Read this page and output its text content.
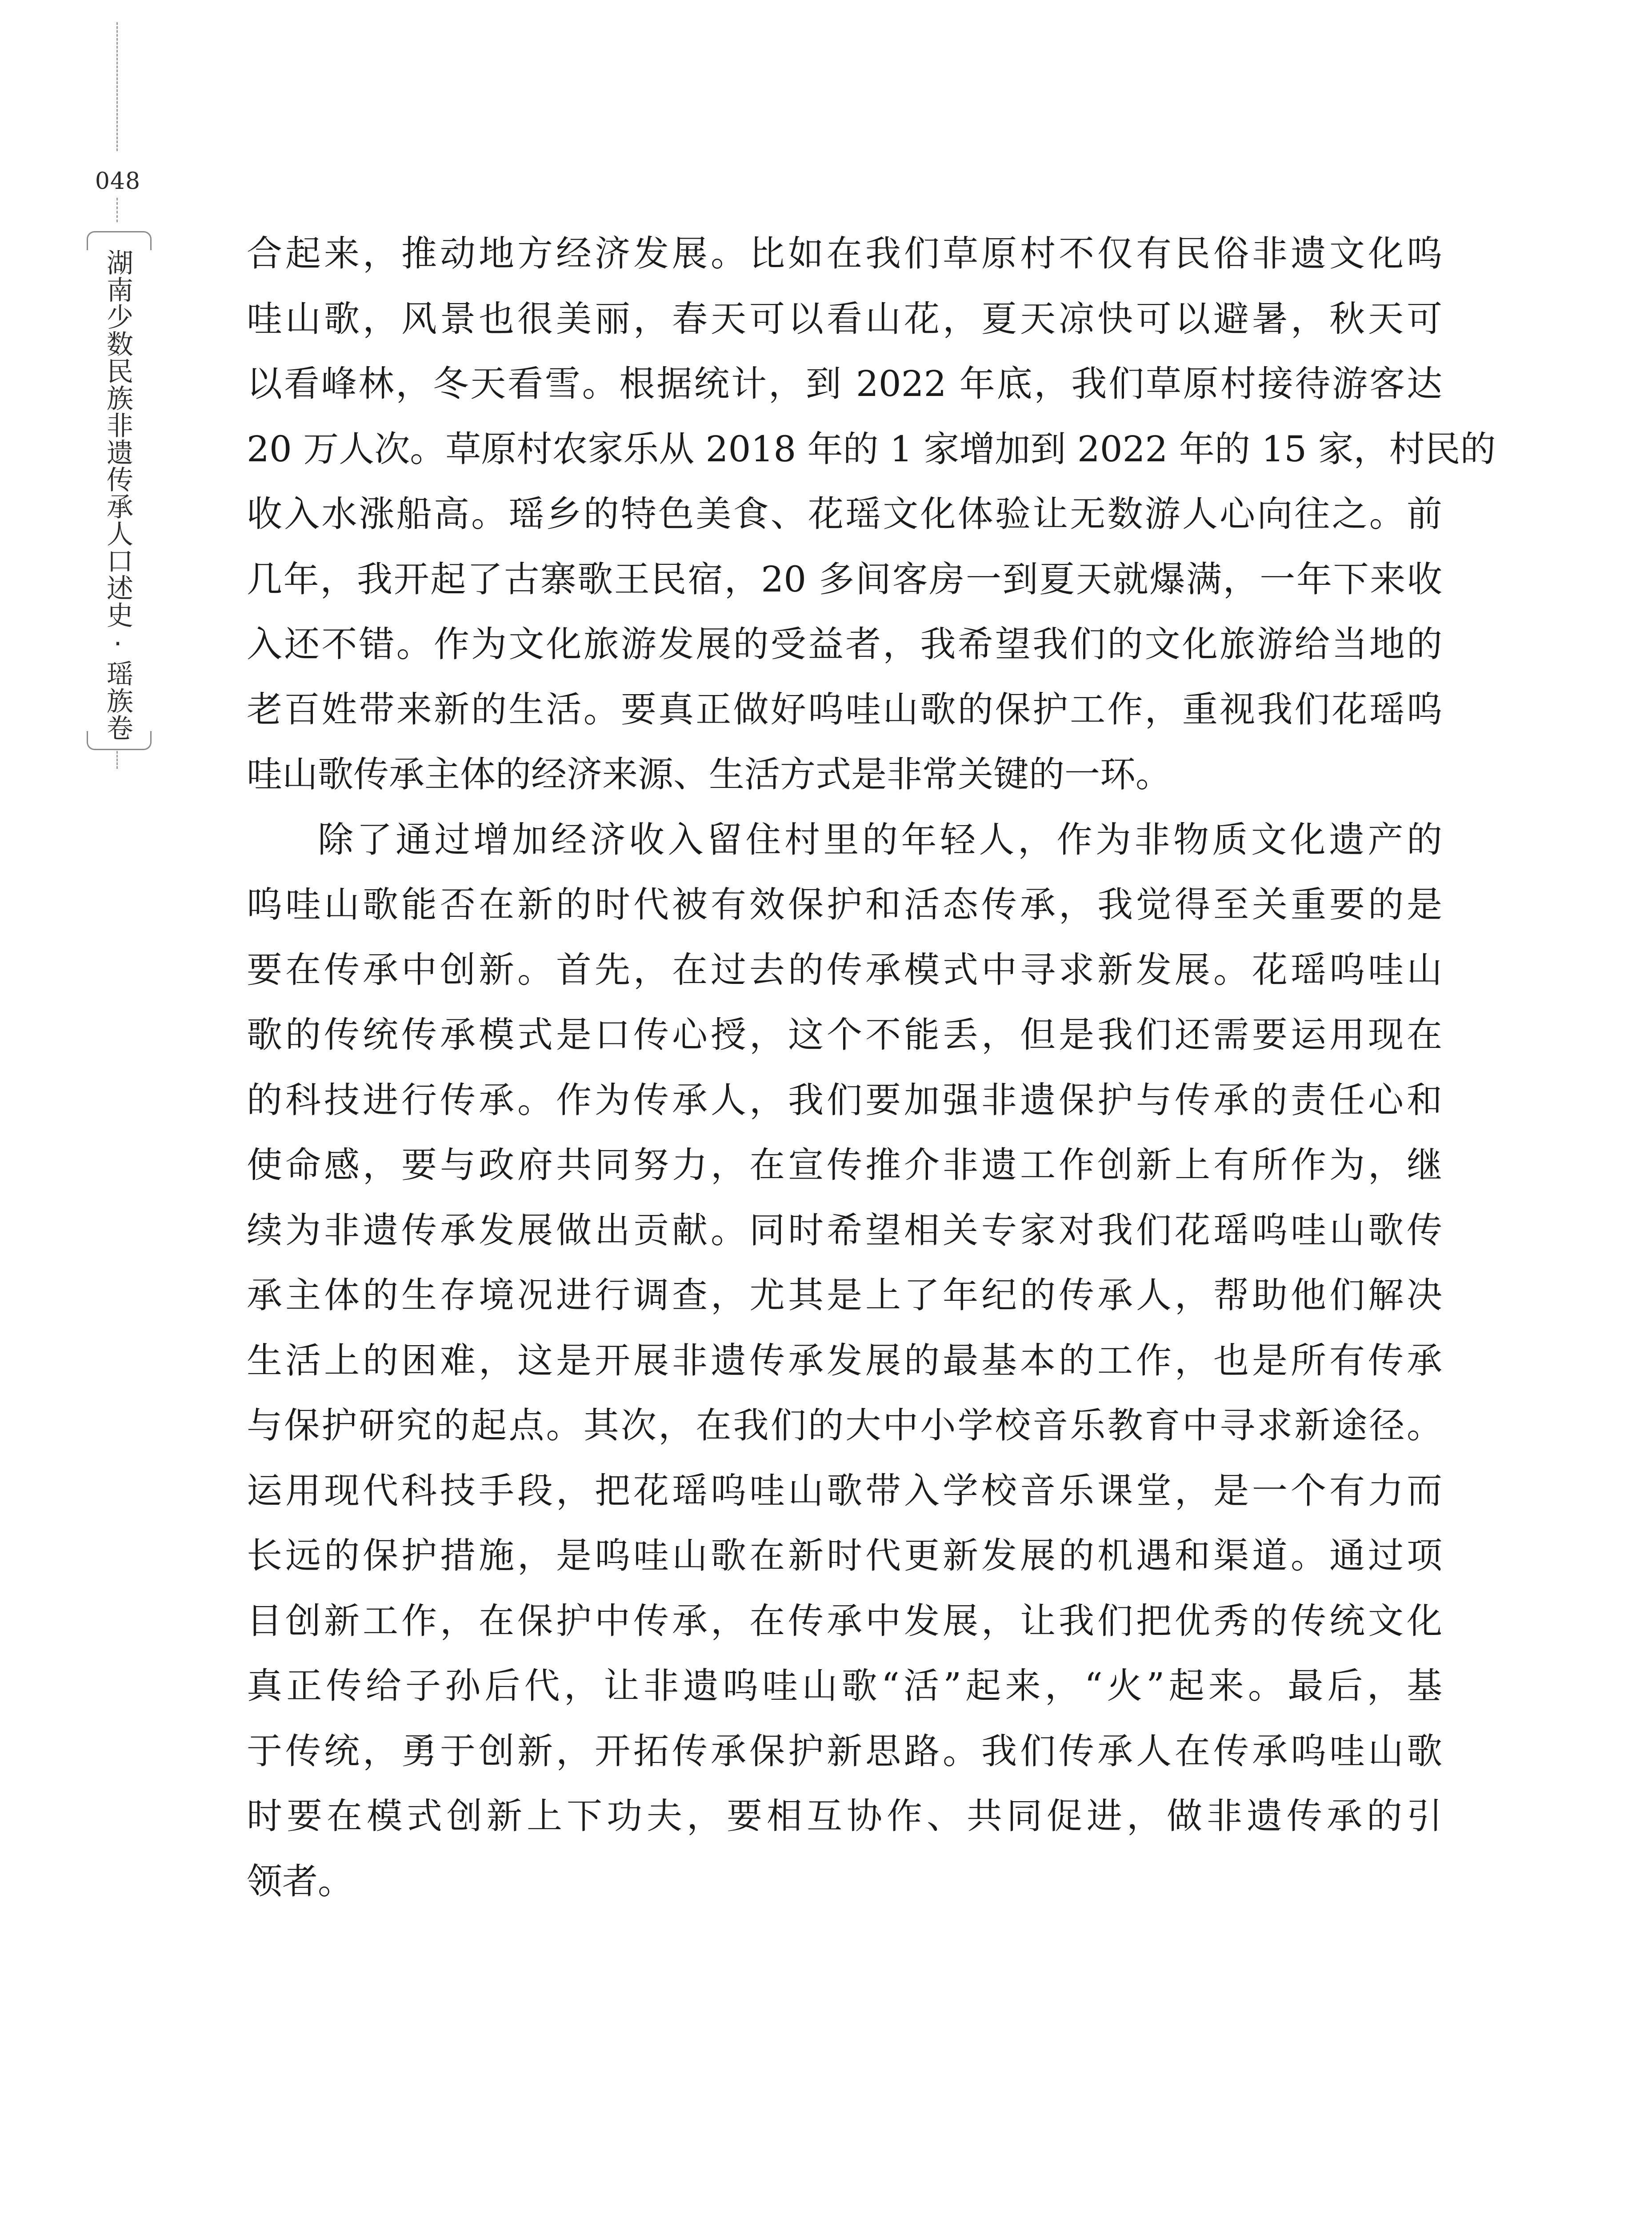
048
湖南少数民族非遗传承人口述史·瑶族卷	合起来，推动地方经济发展。比如在我们草原村不仅有民俗非遗文化呜
哇山歌，风景也很美丽，春天可以看山花，夏天凉快可以避暑，秋天可
以看峰林，冬天看雪。根据统计，到 2022 年底，我们草原村接待游客达
20 万人次。草原村农家乐从 2018 年的 1 家增加到 2022 年的 15 家，村民的
收入水涨船高。瑶乡的特色美食、花瑶文化体验让无数游人心向往之。前
几年，我开起了古寨歌王民宿，20 多间客房一到夏天就爆满，一年下来收
入还不错。作为文化旅游发展的受益者，我希望我们的文化旅游给当地的
老百姓带来新的生活。要真正做好呜哇山歌的保护工作，重视我们花瑶呜
哇山歌传承主体的经济来源、生活方式是非常关键的一环。

除了通过增加经济收入留住村里的年轻人，作为非物质文化遗产的
呜哇山歌能否在新的时代被有效保护和活态传承，我觉得至关重要的是
要在传承中创新。首先，在过去的传承模式中寻求新发展。花瑶呜哇山
歌的传统传承模式是口传心授，这个不能丢，但是我们还需要运用现在
的科技进行传承。作为传承人，我们要加强非遗保护与传承的责任心和
使命感，要与政府共同努力，在宣传推介非遗工作创新上有所作为，继
续为非遗传承发展做出贡献。同时希望相关专家对我们花瑶呜哇山歌传
承主体的生存境况进行调查，尤其是上了年纪的传承人，帮助他们解决
生活上的困难，这是开展非遗传承发展的最基本的工作，也是所有传承
与保护研究的起点。其次，在我们的大中小学校音乐教育中寻求新途径。
运用现代科技手段，把花瑶呜哇山歌带入学校音乐课堂，是一个有力而
长远的保护措施，是呜哇山歌在新时代更新发展的机遇和渠道。通过项
目创新工作，在保护中传承，在传承中发展，让我们把优秀的传统文化
真正传给子孙后代，让非遗呜哇山歌“活”起来，“火”起来。最后，基
于传统，勇于创新，开拓传承保护新思路。我们传承人在传承呜哇山歌
时要在模式创新上下功夫，要相互协作、共同促进，做非遗传承的引
领者。
